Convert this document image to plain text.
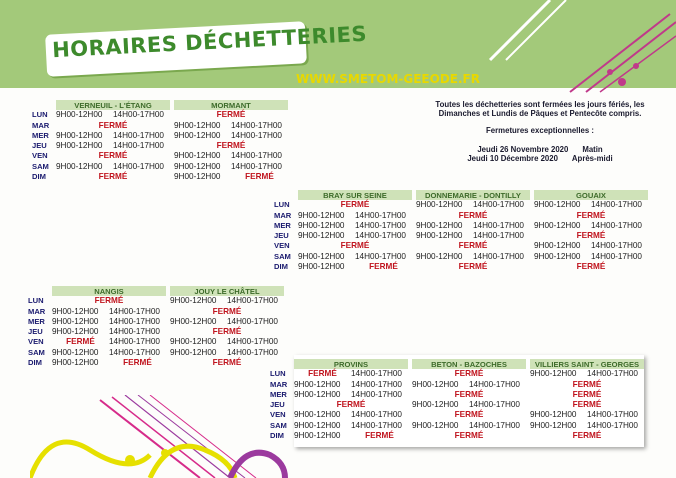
HORAIRES DÉCHETTERIES
WWW.SMETOM-GEEODE.FR

Toutes les déchetteries sont fermées les jours fériés, les

Dimanches et Lundis de Pâques et Pentecôte compris.

Fermetures exceptionnelles :

Jeudi 26 Novembre 2020 Matin
Jeudi 10 Décembre 2020 Après-midi
	VERNEUIL - L'ÉTANG			MORMANT	
LUN	9H00-12H00	14H00-17H00		FERMÉ	
MAR	FERMÉ			9H00-12H00	14H00-17H00
MER	9H00-12H00	14H00-17H00		9H00-12H00	14H00-17H00
JEU	9H00-12H00	14H00-17H00		FERMÉ	
VEN	FERMÉ			9H00-12H00	14H00-17H00
SAM	9H00-12H00	14H00-17H00		9H00-12H00	14H00-17H00
DIM	FERMÉ			9H00-12H00	FERMÉ
	BRAY SUR SEINE			DONNEMARIE - DONTILLY			GOUAIX	
LUN	FERMÉ			9H00-12H00	14H00-17H00		9H00-12H00	14H00-17H00
MAR	9H00-12H00	14H00-17H00		FERMÉ			FERMÉ	
MER	9H00-12H00	14H00-17H00		9H00-12H00	14H00-17H00		9H00-12H00	14H00-17H00
JEU	9H00-12H00	14H00-17H00		9H00-12H00	14H00-17H00		FERMÉ	
VEN	FERMÉ			FERMÉ			9H00-12H00	14H00-17H00
SAM	9H00-12H00	14H00-17H00		9H00-12H00	14H00-17H00		9H00-12H00	14H00-17H00
DIM	9H00-12H00	FERMÉ		FERMÉ			FERMÉ	
	NANGIS			JOUY LE CHÂTEL	
LUN	FERMÉ			9H00-12H00	14H00-17H00
MAR	9H00-12H00	14H00-17H00		FERMÉ	
MER	9H00-12H00	14H00-17H00		9H00-12H00	14H00-17H00
JEU	9H00-12H00	14H00-17H00		FERMÉ	
VEN	FERMÉ	14H00-17H00		9H00-12H00	14H00-17H00
SAM	9H00-12H00	14H00-17H00		9H00-12H00	14H00-17H00
DIM	9H00-12H00	FERMÉ		FERMÉ	
		PROVINS			BETON - BAZOCHES			VILLIERS SAINT - GEORGES	
LUN	FERMÉ	14H00-17H00		FERMÉ			9H00-12H00	14H00-17H00
MAR	9H00-12H00	14H00-17H00		9H00-12H00	14H00-17H00		FERMÉ	
MER	9H00-12H00	14H00-17H00		FERMÉ			FERMÉ	
JEU	FERMÉ			9H00-12H00	14H00-17H00		FERMÉ	
VEN	9H00-12H00	14H00-17H00		FERMÉ			9H00-12H00	14H00-17H00
SAM	9H00-12H00	14H00-17H00		9H00-12H00	14H00-17H00		9H00-12H00	14H00-17H00
DIM	9H00-12H00	FERMÉ		FERMÉ			FERMÉ	
